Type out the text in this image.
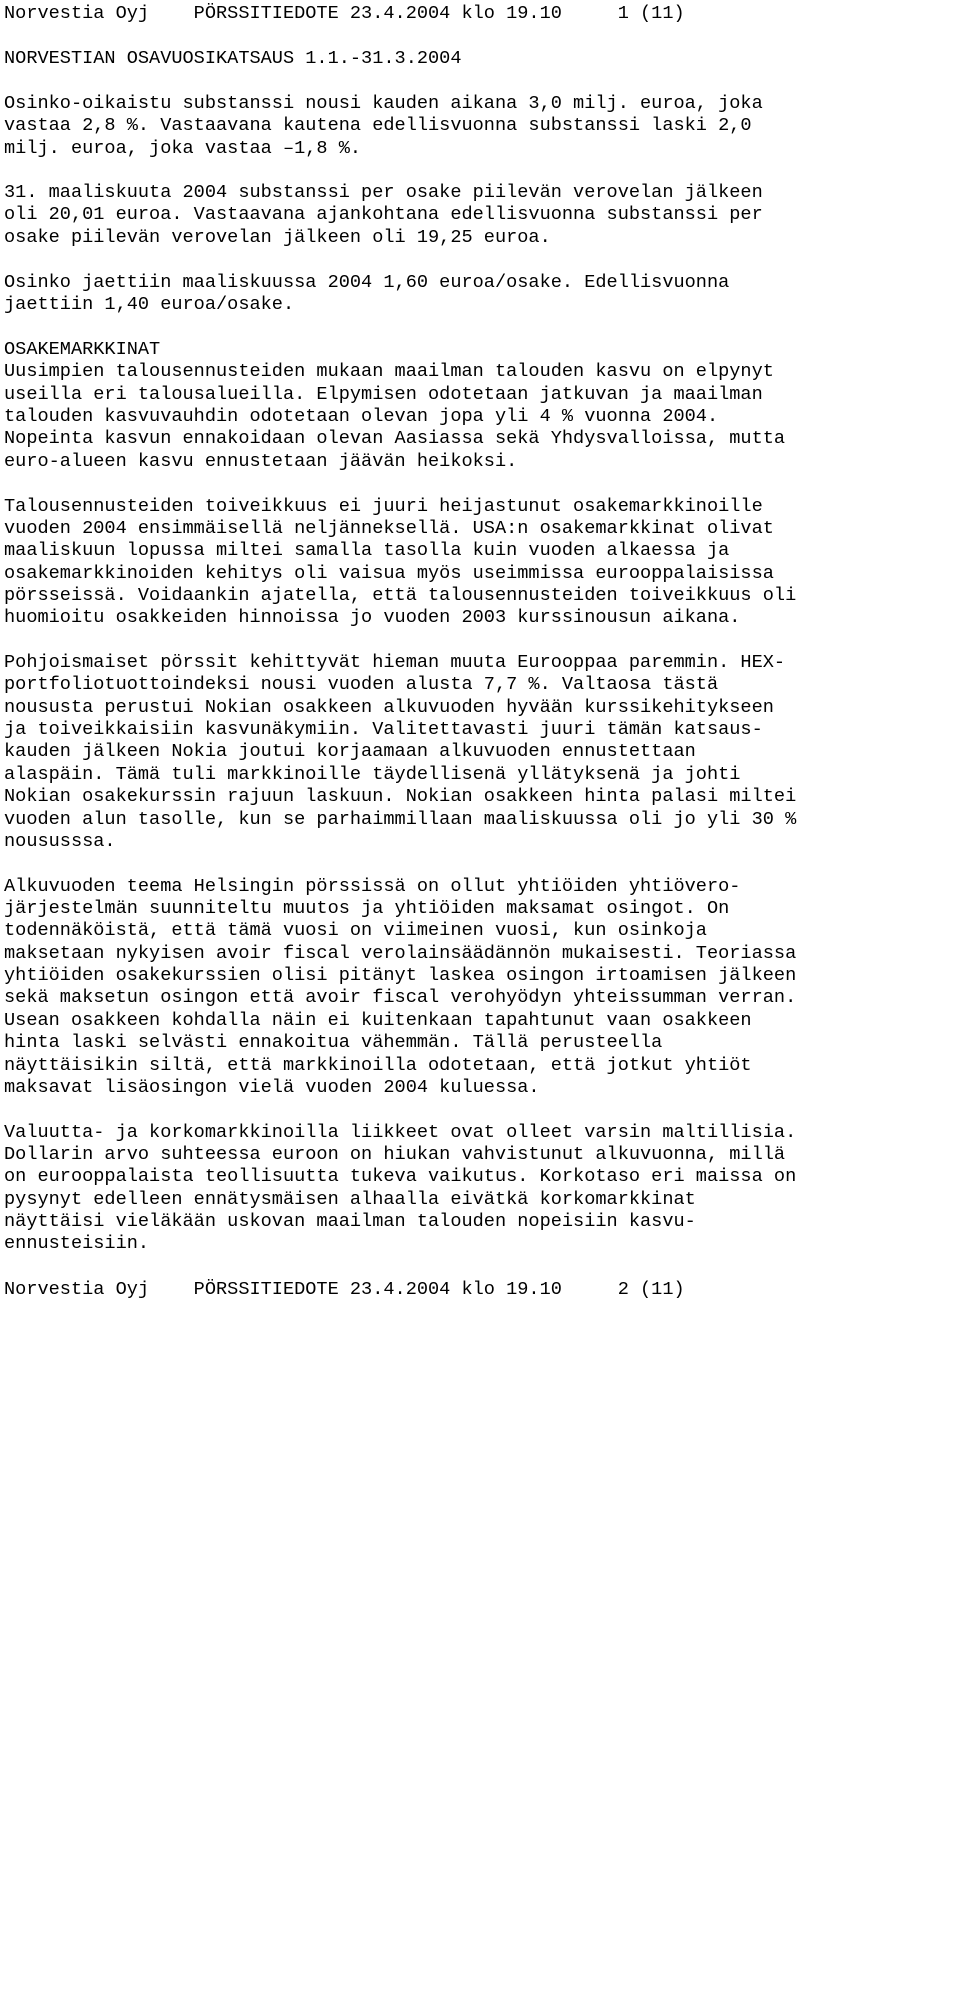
Norvestia Oyj    PÖRSSITIEDOTE 23.4.2004 klo 19.10     1 (11)

NORVESTIAN OSAVUOSIKATSAUS 1.1.-31.3.2004

Osinko-oikaistu substanssi nousi kauden aikana 3,0 milj. euroa, joka

vastaa 2,8 %. Vastaavana kautena edellisvuonna substanssi laski 2,0

milj. euroa, joka vastaa –1,8 %.

31. maaliskuuta 2004 substanssi per osake piilevän verovelan jälkeen

oli 20,01 euroa. Vastaavana ajankohtana edellisvuonna substanssi per

osake piilevän verovelan jälkeen oli 19,25 euroa.

Osinko jaettiin maaliskuussa 2004 1,60 euroa/osake. Edellisvuonna

jaettiin 1,40 euroa/osake.

OSAKEMARKKINAT

Uusimpien talousennusteiden mukaan maailman talouden kasvu on elpynyt

useilla eri talousalueilla. Elpymisen odotetaan jatkuvan ja maailman

talouden kasvuvauhdin odotetaan olevan jopa yli 4 % vuonna 2004.

Nopeinta kasvun ennakoidaan olevan Aasiassa sekä Yhdysvalloissa, mutta

euro-alueen kasvu ennustetaan jäävän heikoksi.

Talousennusteiden toiveikkuus ei juuri heijastunut osakemarkkinoille

vuoden 2004 ensimmäisellä neljänneksellä. USA:n osakemarkkinat olivat

maaliskuun lopussa miltei samalla tasolla kuin vuoden alkaessa ja

osakemarkkinoiden kehitys oli vaisua myös useimmissa eurooppalaisissa

pörsseissä. Voidaankin ajatella, että talousennusteiden toiveikkuus oli

huomioitu osakkeiden hinnoissa jo vuoden 2003 kurssinousun aikana.

Pohjoismaiset pörssit kehittyvät hieman muuta Eurooppaa paremmin. HEX-

portfoliotuottoindeksi nousi vuoden alusta 7,7 %. Valtaosa tästä

noususta perustui Nokian osakkeen alkuvuoden hyvään kurssikehitykseen

ja toiveikkaisiin kasvunäkymiin. Valitettavasti juuri tämän katsaus-

kauden jälkeen Nokia joutui korjaamaan alkuvuoden ennustettaan

alaspäin. Tämä tuli markkinoille täydellisenä yllätyksenä ja johti

Nokian osakekurssin rajuun laskuun. Nokian osakkeen hinta palasi miltei

vuoden alun tasolle, kun se parhaimmillaan maaliskuussa oli jo yli 30 %

noususssa.

Alkuvuoden teema Helsingin pörssissä on ollut yhtiöiden yhtiövero-

järjestelmän suunniteltu muutos ja yhtiöiden maksamat osingot. On

todennäköistä, että tämä vuosi on viimeinen vuosi, kun osinkoja

maksetaan nykyisen avoir fiscal verolainsäädännön mukaisesti. Teoriassa

yhtiöiden osakekurssien olisi pitänyt laskea osingon irtoamisen jälkeen

sekä maksetun osingon että avoir fiscal verohyödyn yhteissumman verran.

Usean osakkeen kohdalla näin ei kuitenkaan tapahtunut vaan osakkeen

hinta laski selvästi ennakoitua vähemmän. Tällä perusteella

näyttäisikin siltä, että markkinoilla odotetaan, että jotkut yhtiöt

maksavat lisäosingon vielä vuoden 2004 kuluessa.

Valuutta- ja korkomarkkinoilla liikkeet ovat olleet varsin maltillisia.

Dollarin arvo suhteessa euroon on hiukan vahvistunut alkuvuonna, millä

on eurooppalaista teollisuutta tukeva vaikutus. Korkotaso eri maissa on

pysynyt edelleen ennätysmäisen alhaalla eivätkä korkomarkkinat

näyttäisi vieläkään uskovan maailman talouden nopeisiin kasvu-

ennusteisiin.

Norvestia Oyj    PÖRSSITIEDOTE 23.4.2004 klo 19.10     2 (11)
